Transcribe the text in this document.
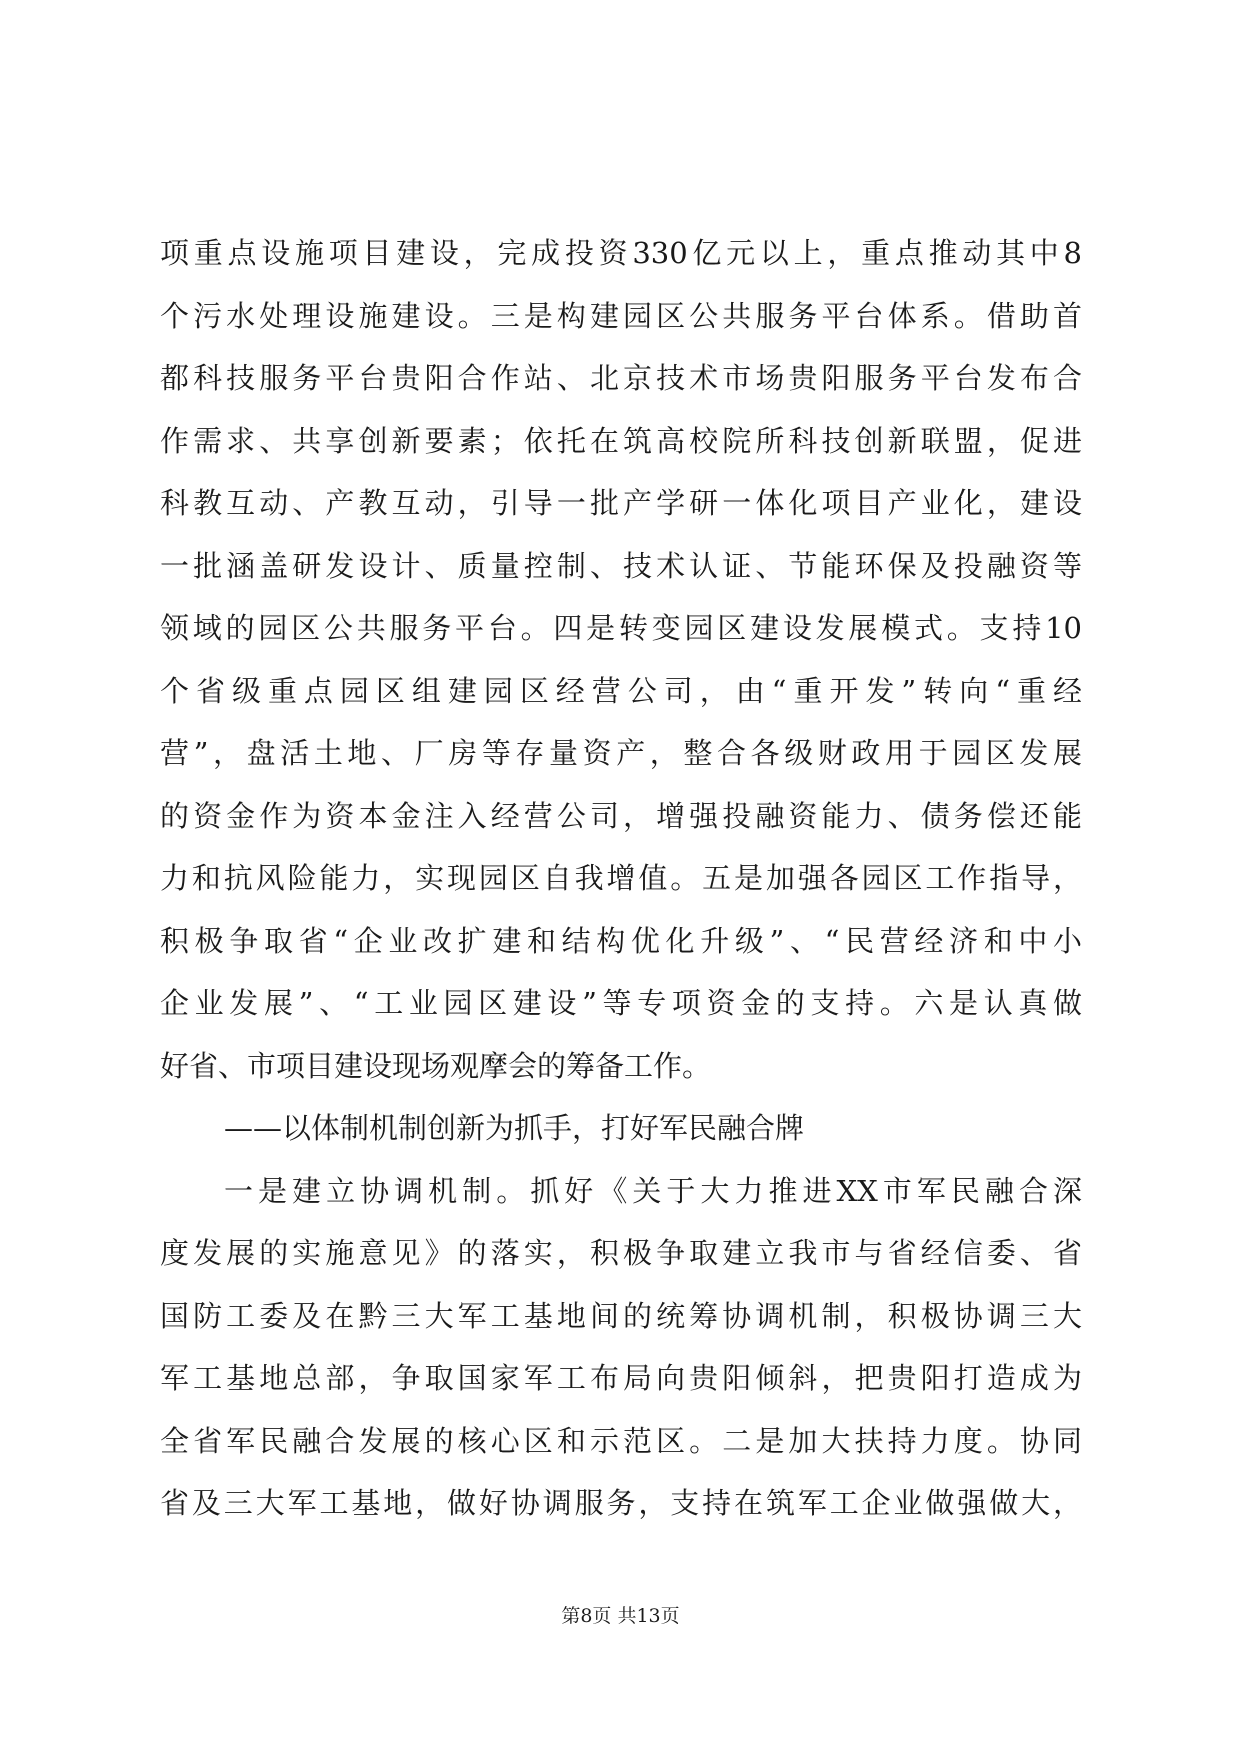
项重点设施项目建设，完成投资330亿元以上，重点推动其中8
个污水处理设施建设。三是构建园区公共服务平台体系。借助首
都科技服务平台贵阳合作站、北京技术市场贵阳服务平台发布合
作需求、共享创新要素；依托在筑高校院所科技创新联盟，促进
科教互动、产教互动，引导一批产学研一体化项目产业化，建设
一批涵盖研发设计、质量控制、技术认证、节能环保及投融资等
领域的园区公共服务平台。四是转变园区建设发展模式。支持10
个省级重点园区组建园区经营公司，由“重开发”转向“重经
营”，盘活土地、厂房等存量资产，整合各级财政用于园区发展
的资金作为资本金注入经营公司，增强投融资能力、债务偿还能
力和抗风险能力，实现园区自我增值。五是加强各园区工作指导，
积极争取省“企业改扩建和结构优化升级”、“民营经济和中小
企业发展”、“工业园区建设”等专项资金的支持。六是认真做
好省、市项目建设现场观摩会的筹备工作。
——以体制机制创新为抓手，打好军民融合牌
一是建立协调机制。抓好《关于大力推进XX市军民融合深
度发展的实施意见》的落实，积极争取建立我市与省经信委、省
国防工委及在黔三大军工基地间的统筹协调机制，积极协调三大
军工基地总部，争取国家军工布局向贵阳倾斜，把贵阳打造成为
全省军民融合发展的核心区和示范区。二是加大扶持力度。协同
省及三大军工基地，做好协调服务，支持在筑军工企业做强做大，
第8页 共13页
